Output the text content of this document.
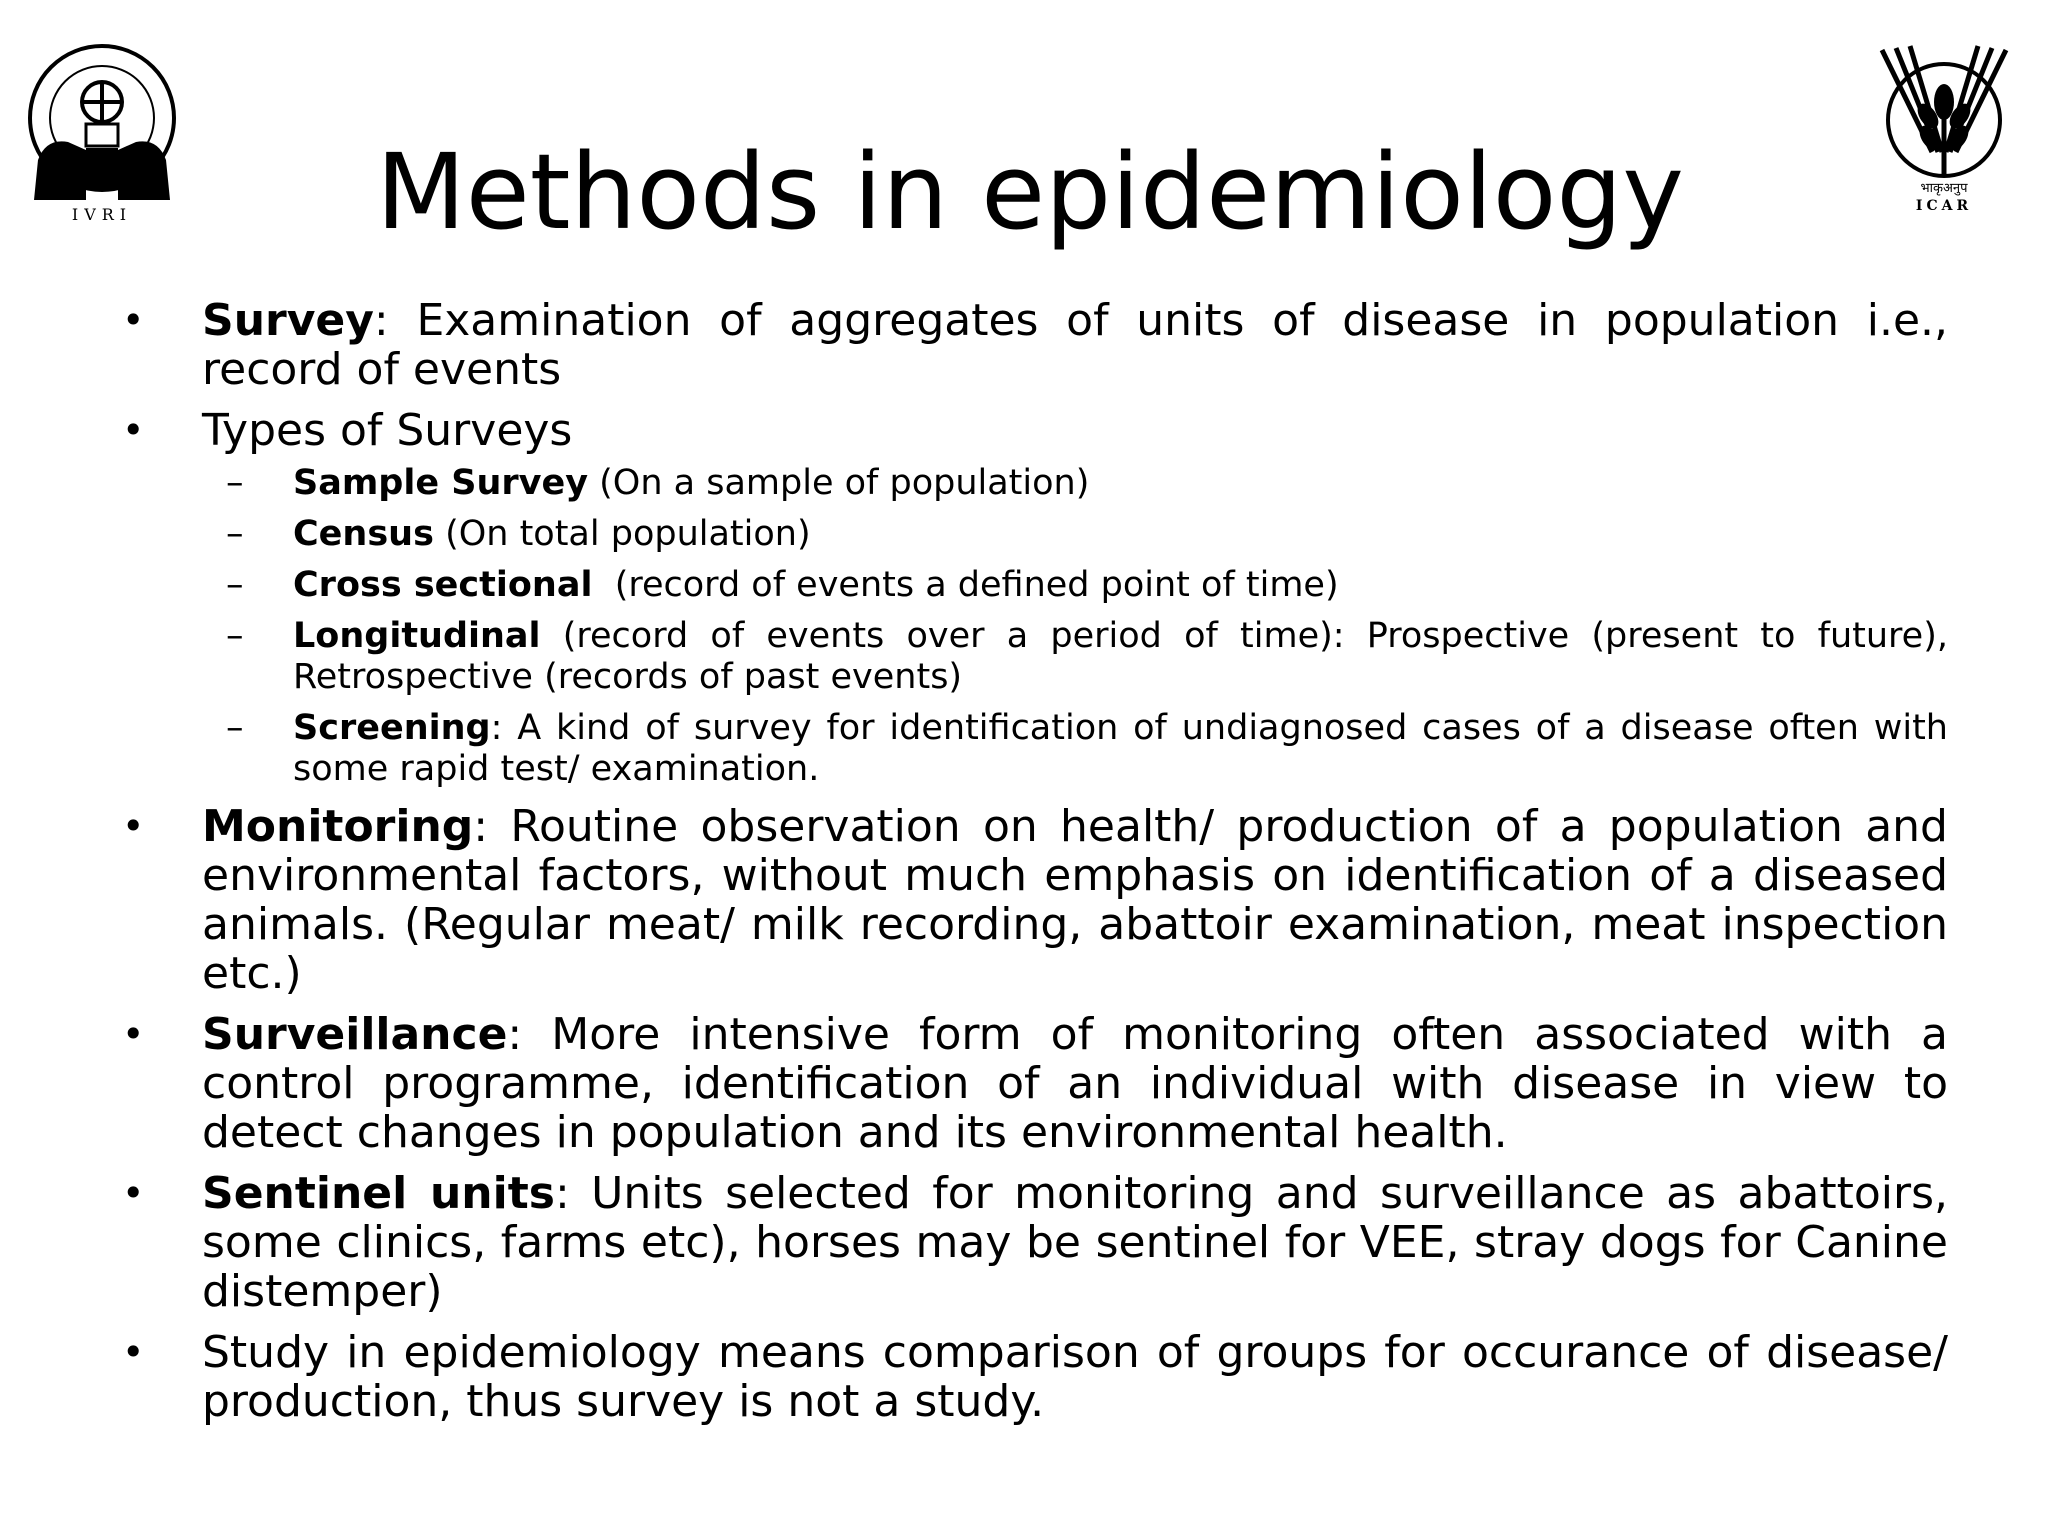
IVRI
भाकृअनुप
ICAR
Methods in epidemiology
• Survey: Examination of aggregates of units of disease in population i.e., record of events
• Types of Surveys
– Sample Survey (On a sample of population)
– Census (On total population)
– Cross sectional  (record of events a defined point of time)
– Longitudinal (record of events over a period of time): Prospective (present to future), Retrospective (records of past events)
– Screening: A kind of survey for identification of undiagnosed cases of a disease often with some rapid test/ examination.
• Monitoring: Routine observation on health/ production of a population and environmental factors, without much emphasis on identification of a diseased animals. (Regular meat/ milk recording, abattoir examination, meat inspection etc.)
• Surveillance: More intensive form of monitoring often associated with a control programme, identification of an individual with disease in view to detect changes in population and its environmental health.
• Sentinel units: Units selected for monitoring and surveillance as abattoirs, some clinics, farms etc), horses may be sentinel for VEE, stray dogs for Canine distemper)
• Study in epidemiology means comparison of groups for occurance of disease/ production, thus survey is not a study.
